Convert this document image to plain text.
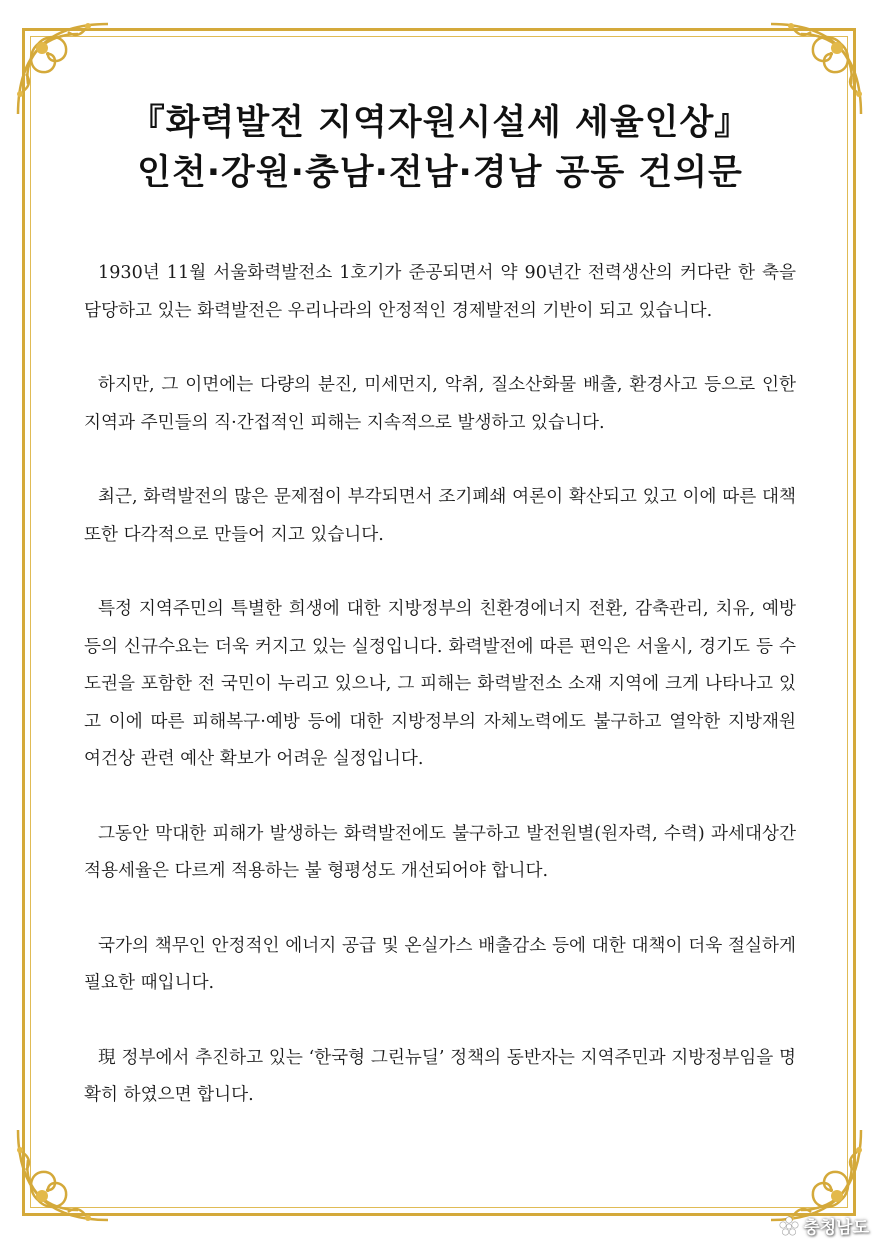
『화력발전 지역자원시설세 세율인상』
인천·강원·충남·전남·경남 공동 건의문

1930년 11월 서울화력발전소 1호기가 준공되면서 약 90년간 전력생산의 커다란 한 축을 담당하고 있는 화력발전은 우리나라의 안정적인 경제발전의 기반이 되고 있습니다.

하지만, 그 이면에는 다량의 분진, 미세먼지, 악취, 질소산화물 배출, 환경사고 등으로 인한 지역과 주민들의 직·간접적인 피해는 지속적으로 발생하고 있습니다.

최근, 화력발전의 많은 문제점이 부각되면서 조기폐쇄 여론이 확산되고 있고 이에 따른 대책 또한 다각적으로 만들어 지고 있습니다.

특정 지역주민의 특별한 희생에 대한 지방정부의 친환경에너지 전환, 감축관리, 치유, 예방 등의 신규수요는 더욱 커지고 있는 실정입니다. 화력발전에 따른 편익은 서울시, 경기도 등 수도권을 포함한 전 국민이 누리고 있으나, 그 피해는 화력발전소 소재 지역에 크게 나타나고 있고 이에 따른 피해복구·예방 등에 대한 지방정부의 자체노력에도 불구하고 열악한 지방재원 여건상 관련 예산 확보가 어려운 실정입니다.

그동안 막대한 피해가 발생하는 화력발전에도 불구하고 발전원별(원자력, 수력) 과세대상간 적용세율은 다르게 적용하는 불 형평성도 개선되어야 합니다.

국가의 책무인 안정적인 에너지 공급 및 온실가스 배출감소 등에 대한 대책이 더욱 절실하게 필요한 때입니다.

現 정부에서 추진하고 있는 ‘한국형 그린뉴딜’ 정책의 동반자는 지역주민과 지방정부임을 명확히 하였으면 합니다.

충청남도
